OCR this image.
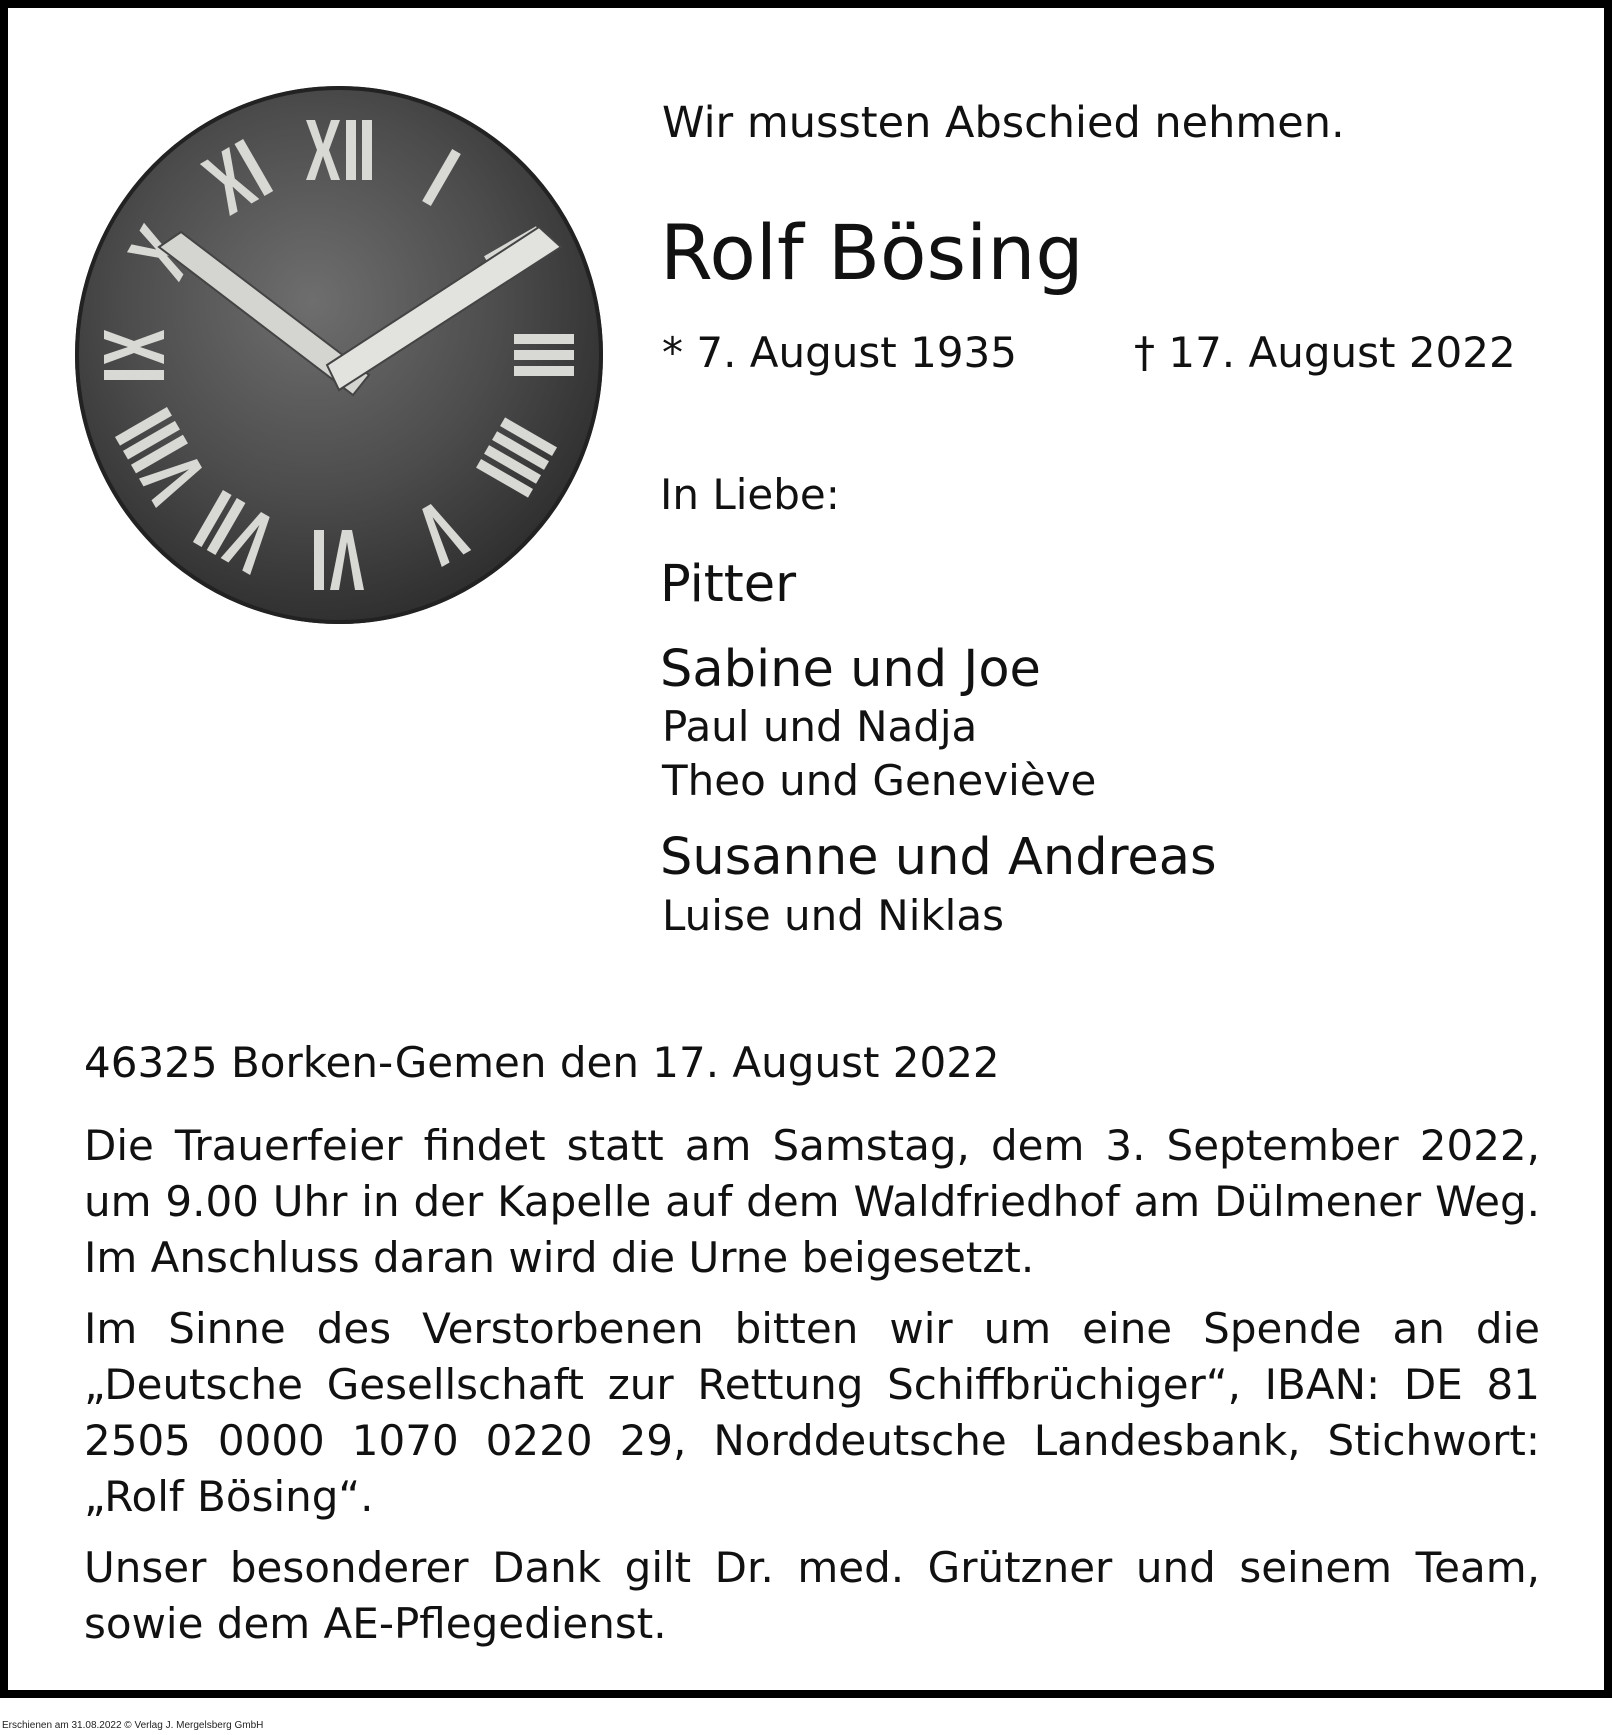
Wir mussten Abschied nehmen.
Rolf Bösing
* 7. August 1935	† 17. August 2022
In Liebe:
Pitter
Sabine und Joe
Paul und Nadja
Theo und Geneviève
Susanne und Andreas
Luise und Niklas
46325 Borken-Gemen den 17. August 2022
Die Trauerfeier findet statt am Samstag, dem 3. September 2022, um 9.00 Uhr in der Kapelle auf dem Waldfriedhof am Dülmener Weg. Im Anschluss daran wird die Urne beigesetzt.
Im Sinne des Verstorbenen bitten wir um eine Spende an die „Deutsche Gesellschaft zur Rettung Schiffbrüchiger“, IBAN: DE 81 2505 0000 1070 0220 29, Norddeutsche Landesbank, Stichwort: „Rolf Bösing“.
Unser besonderer Dank gilt Dr. med. Grützner und seinem Team, sowie dem AE-Pflegedienst.
Erschienen am 31.08.2022 © Verlag J. Mergelsberg GmbH
